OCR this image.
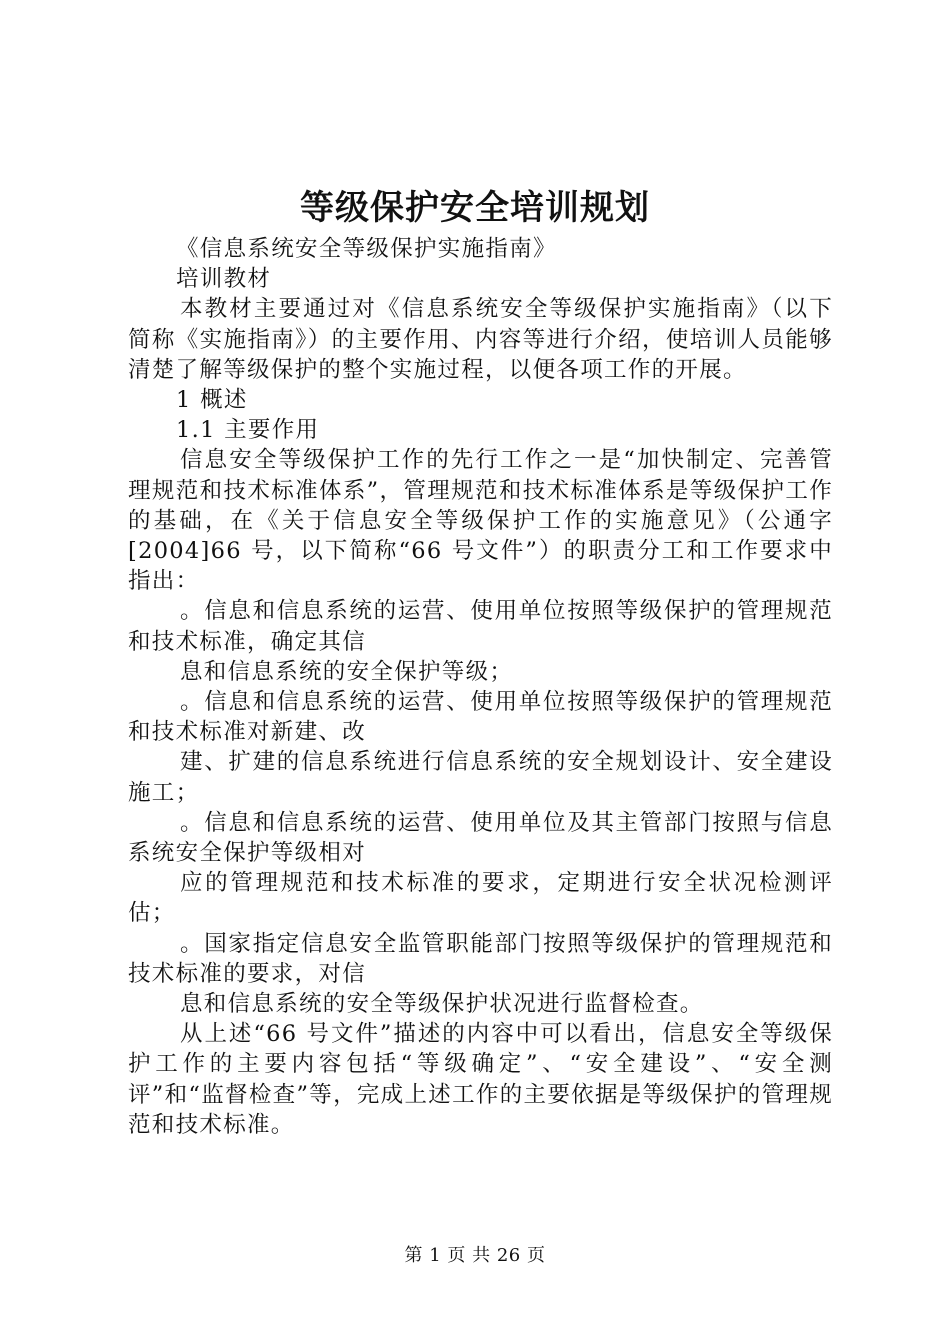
等级保护安全培训规划

《信息系统安全等级保护实施指南》

培训教材

本教材主要通过对《信息系统安全等级保护实施指南》（以下简称《实施指南》）的主要作用、内容等进行介绍，使培训人员能够清楚了解等级保护的整个实施过程，以便各项工作的开展。

1 概述

1.1 主要作用

信息安全等级保护工作的先行工作之一是“加快制定、完善管理规范和技术标准体系”，管理规范和技术标准体系是等级保护工作的基础，在《关于信息安全等级保护工作的实施意见》（公通字[2004]66 号，以下简称“66 号文件”）的职责分工和工作要求中指出：

。信息和信息系统的运营、使用单位按照等级保护的管理规范和技术标准，确定其信

息和信息系统的安全保护等级；

。信息和信息系统的运营、使用单位按照等级保护的管理规范和技术标准对新建、改

建、扩建的信息系统进行信息系统的安全规划设计、安全建设施工；

。信息和信息系统的运营、使用单位及其主管部门按照与信息系统安全保护等级相对

应的管理规范和技术标准的要求，定期进行安全状况检测评估；

。国家指定信息安全监管职能部门按照等级保护的管理规范和技术标准的要求，对信

息和信息系统的安全等级保护状况进行监督检查。

从上述“66 号文件”描述的内容中可以看出，信息安全等级保护工作的主要内容包括“等级确定”、“安全建设”、“安全测评”和“监督检查”等，完成上述工作的主要依据是等级保护的管理规范和技术标准。

第 1 页 共 26 页
